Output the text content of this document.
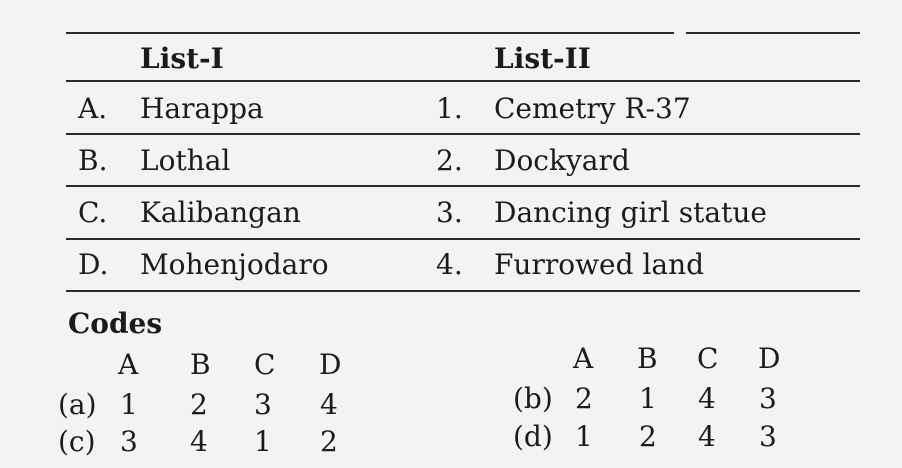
List-I	List-II
A.	Harappa	1. Cemetry R-37
B.	Lothal	2. Dockyard
C.	Kalibangan	3. Dancing girl statue
D.	Mohenjodaro	4. Furrowed land
Codes
A B C D
(a) 1 2 3 4
(c) 3 4 1 2
A B C D
(b) 2 1 4 3
(d) 1 2 4 3
